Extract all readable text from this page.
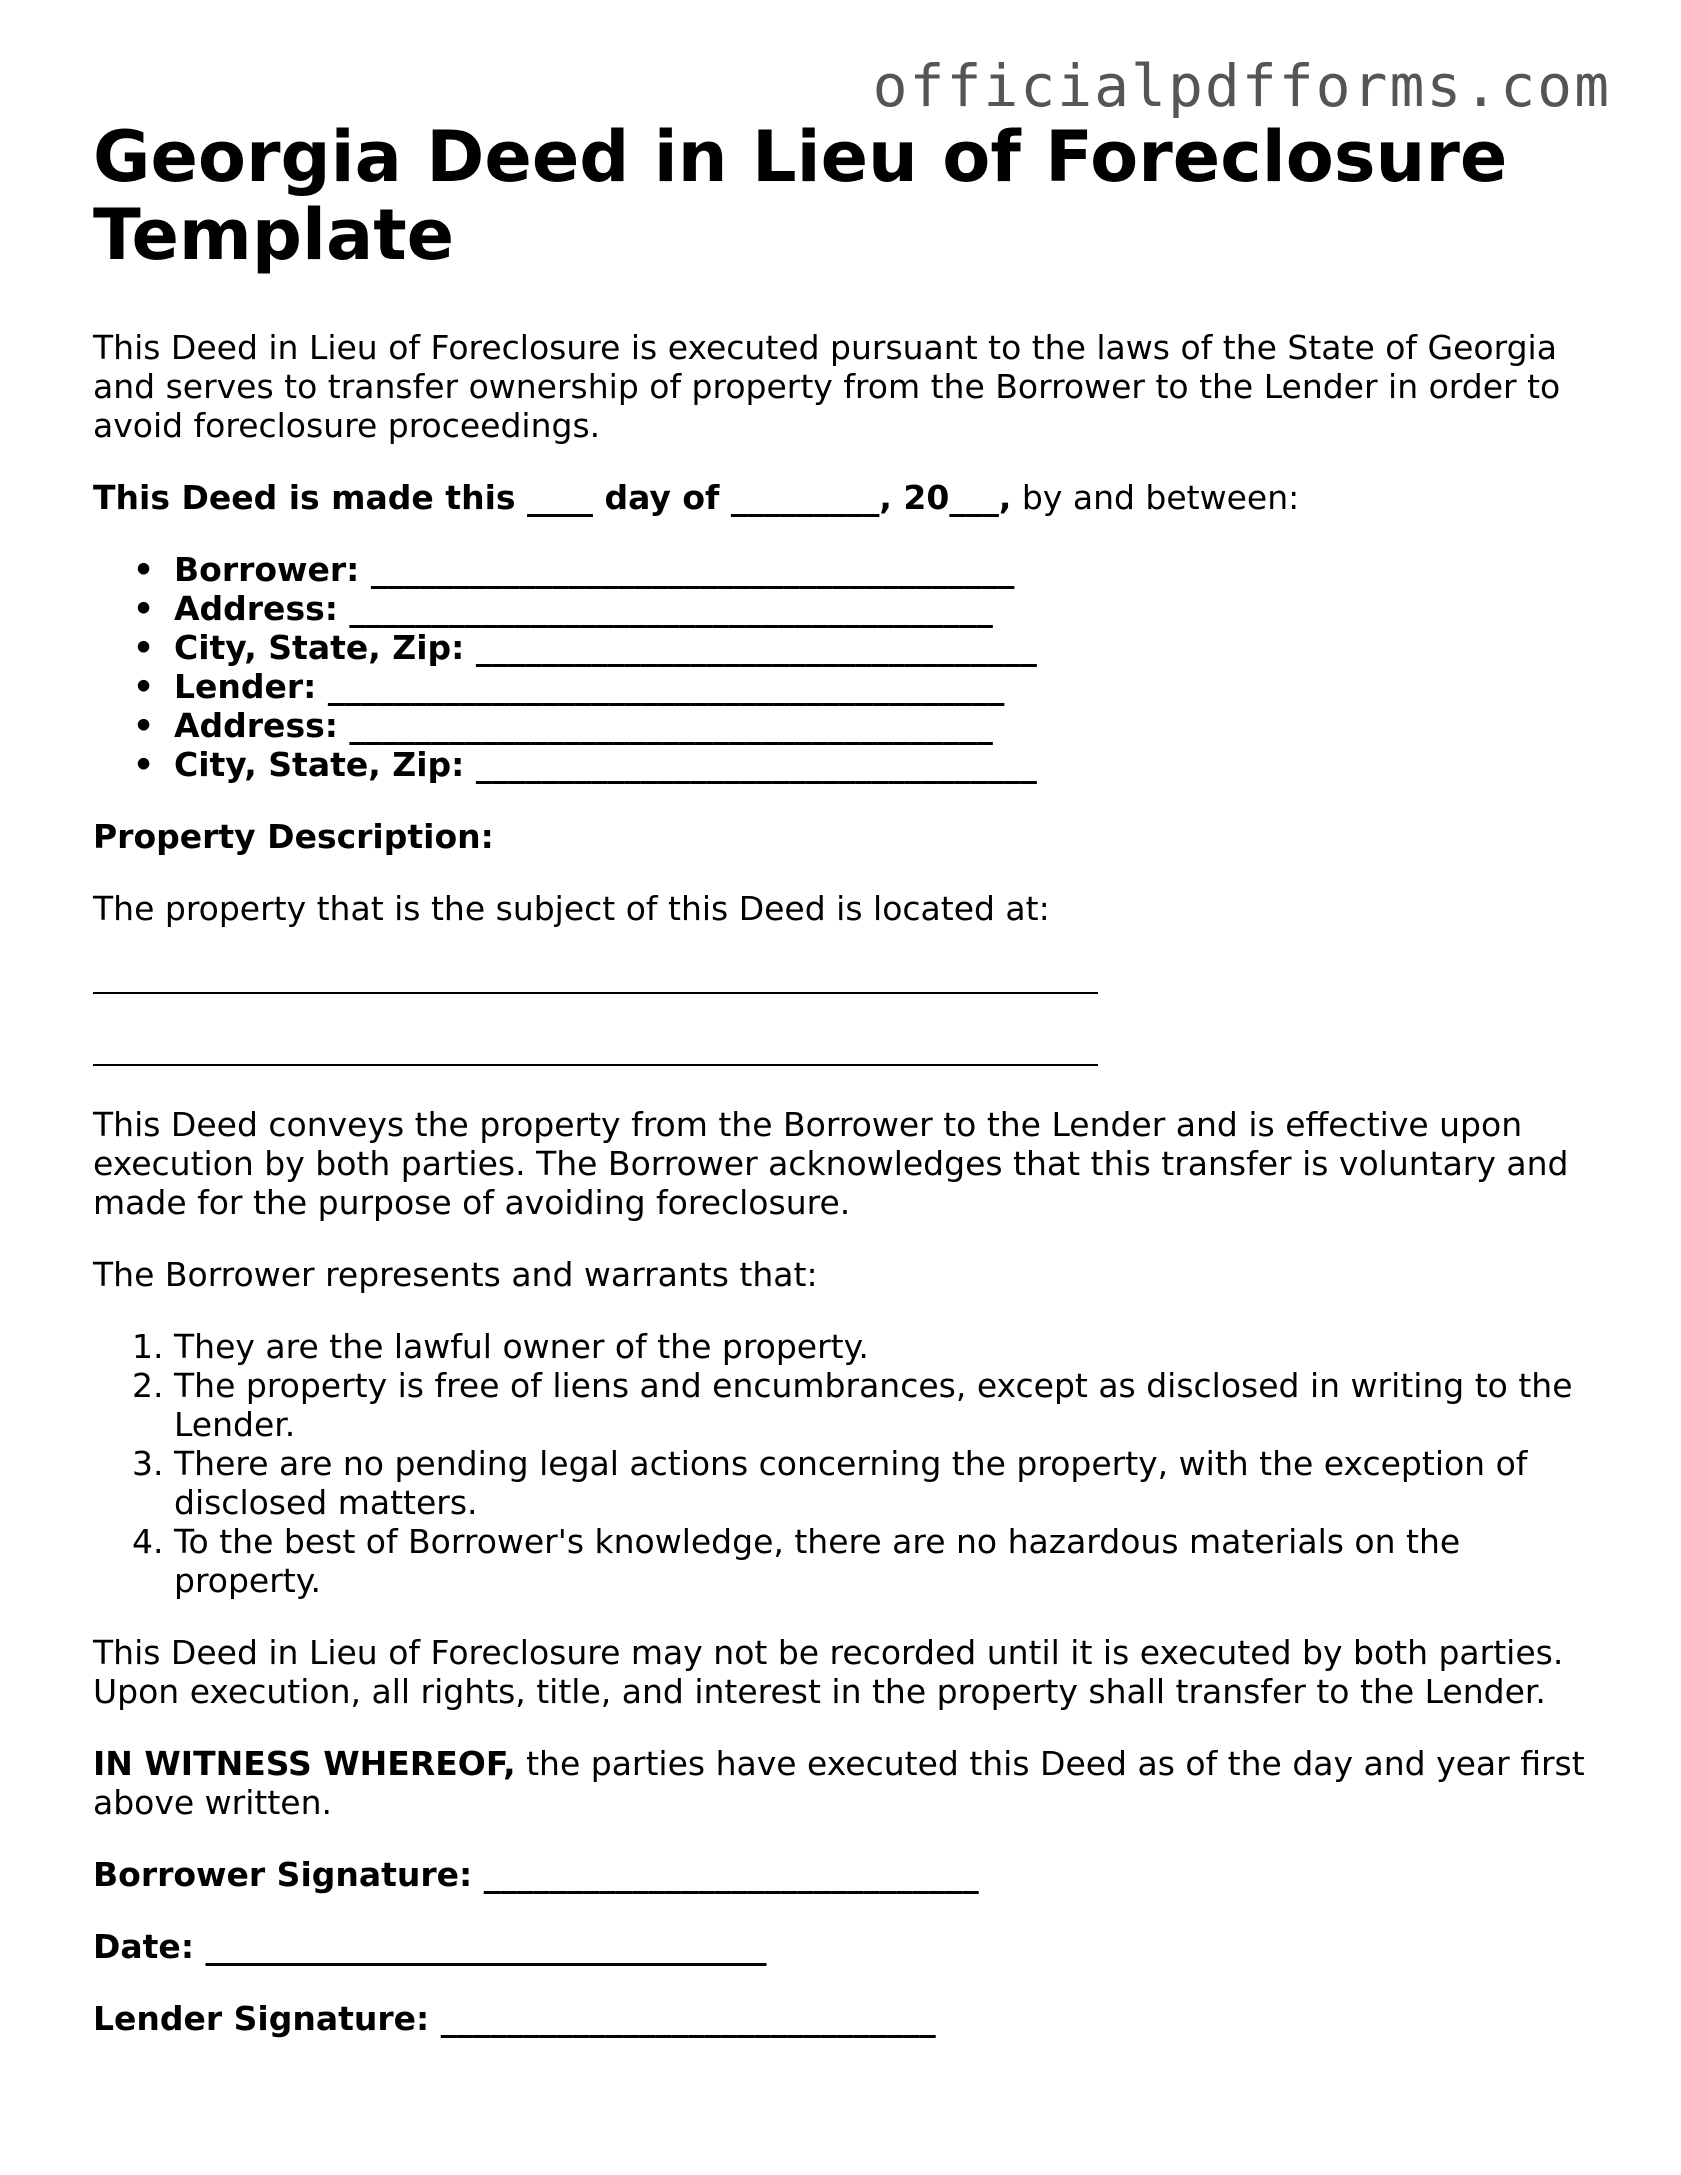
officialpdfforms.com
Georgia Deed in Lieu of Foreclosure Template

This Deed in Lieu of Foreclosure is executed pursuant to the laws of the State of Georgia and serves to transfer ownership of property from the Borrower to the Lender in order to avoid foreclosure proceedings.

This Deed is made this ____ day of _________, 20___, by and between:

• Borrower: _______________________________________
• Address: _______________________________________
• City, State, Zip: __________________________________
• Lender: _________________________________________
• Address: _______________________________________
• City, State, Zip: __________________________________

Property Description:

The property that is the subject of this Deed is located at:

This Deed conveys the property from the Borrower to the Lender and is effective upon execution by both parties. The Borrower acknowledges that this transfer is voluntary and made for the purpose of avoiding foreclosure.

The Borrower represents and warrants that:

1. They are the lawful owner of the property.
2. The property is free of liens and encumbrances, except as disclosed in writing to the Lender.
3. There are no pending legal actions concerning the property, with the exception of disclosed matters.
4. To the best of Borrower's knowledge, there are no hazardous materials on the property.

This Deed in Lieu of Foreclosure may not be recorded until it is executed by both parties. Upon execution, all rights, title, and interest in the property shall transfer to the Lender.

IN WITNESS WHEREOF, the parties have executed this Deed as of the day and year first above written.

Borrower Signature: ______________________________

Date: __________________________________

Lender Signature: ______________________________
